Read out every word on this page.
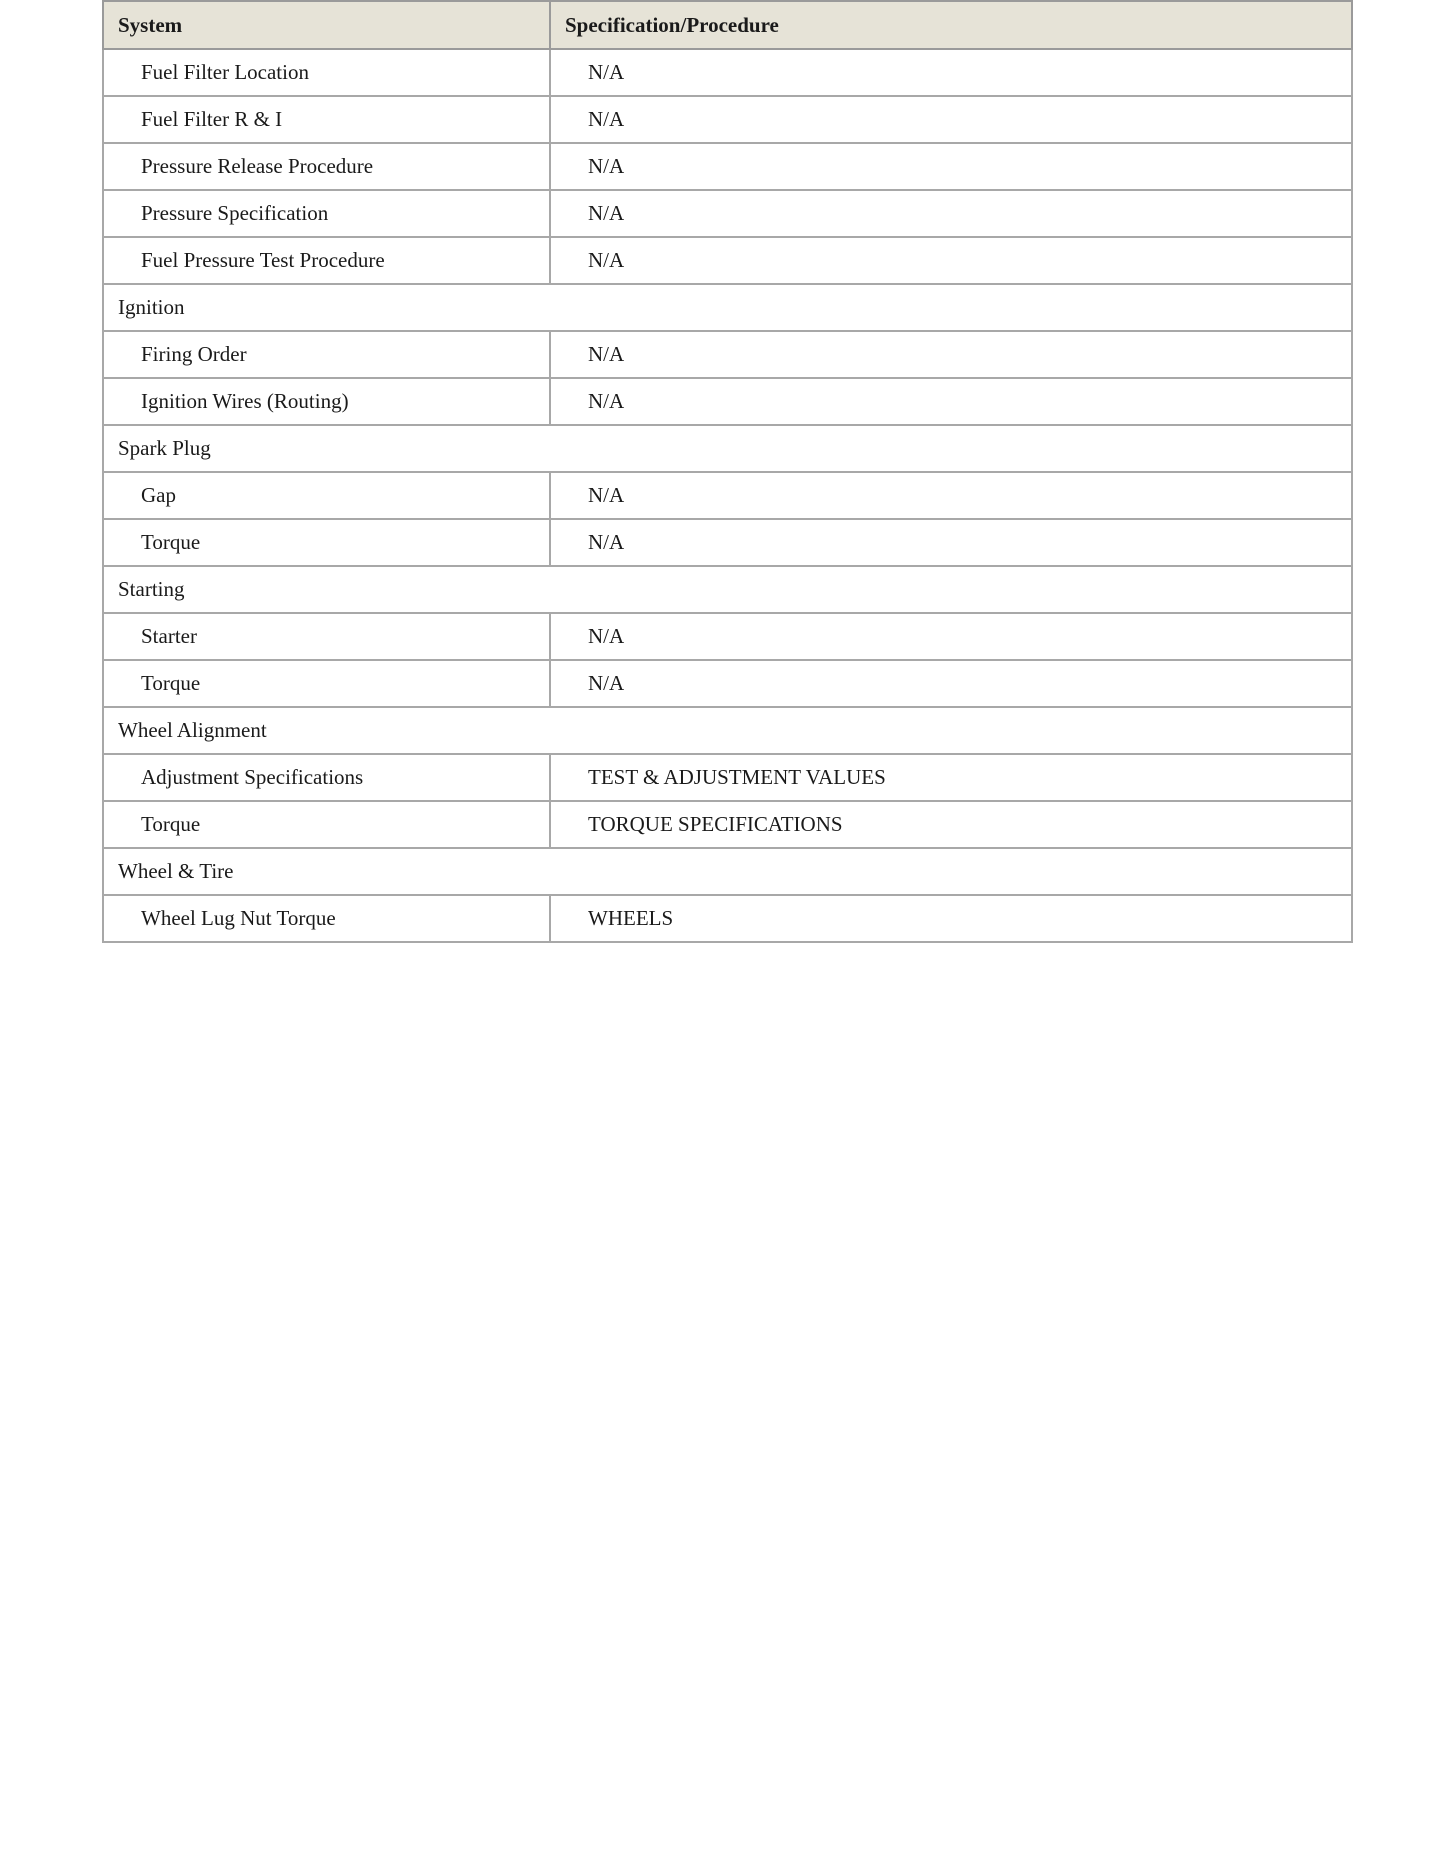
System	Specification/Procedure
Fuel Filter Location	N/A
Fuel Filter R & I	N/A
Pressure Release Procedure	N/A
Pressure Specification	N/A
Fuel Pressure Test Procedure	N/A
Ignition	
Firing Order	N/A
Ignition Wires (Routing)	N/A
Spark Plug	
Gap	N/A
Torque	N/A
Starting	
Starter	N/A
Torque	N/A
Wheel Alignment	
Adjustment Specifications	TEST & ADJUSTMENT VALUES
Torque	TORQUE SPECIFICATIONS
Wheel & Tire	
Wheel Lug Nut Torque	WHEELS
